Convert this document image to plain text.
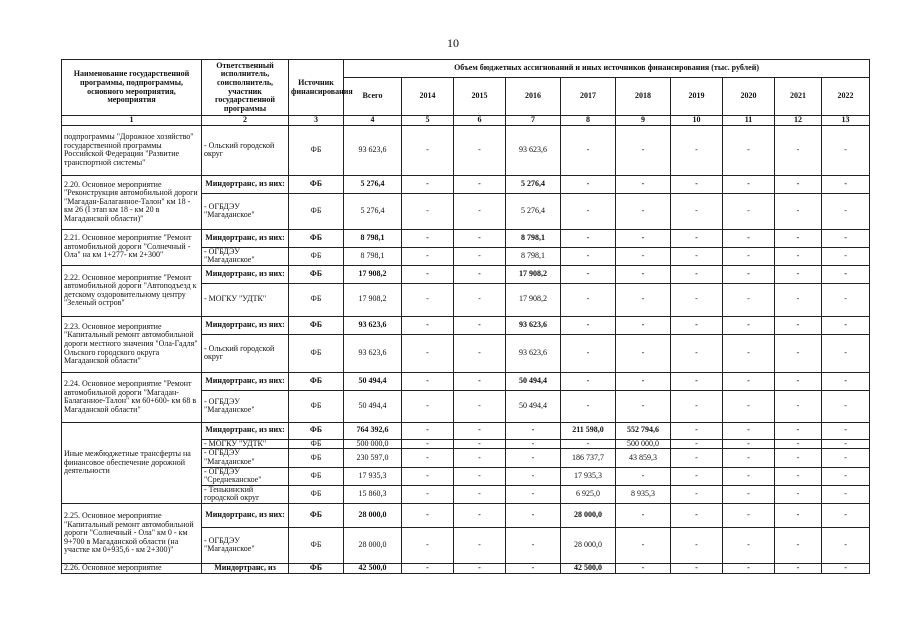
10
Наименование государственной программы, подпрограммы, основного мероприятия, мероприятия	Ответственный исполнитель, соисполнитель, участник государственной программы	Источник финансирования	Объем бюджетных ассигнований и иных источников финансирования (тыс. рублей)									
			Всего	2014	2015	2016	2017	2018	2019	2020	2021	2022
1	2	3	4	5	6	7	8	9	10	11	12	13
подпрограммы "Дорожное хозяйство" государственной программы Российской Федерации "Развитие транспортной системы"	- Ольский городской округ	ФБ	93 623,6	-	-	93 623,6	-	-	-	-	-	-
2.20. Основное мероприятие "Реконструкция автомобильной дороги "Магадан-Балаганное-Талон" км 18 - км 26 (I этап км 18 - км 20 в Магаданской области)"	Миндортранс, из них:	ФБ	5 276,4	-	-	5 276,4	-	-	-	-	-	-
	- ОГБДЭУ "Магаданское"	ФБ	5 276,4	-	-	5 276,4	-	-	-	-	-	-
2.21. Основное мероприятие "Ремонт автомобильной дороги "Солнечный - Ола" на км 1+277- км 2+300"	Миндортранс, из них:	ФБ	8 798,1	-	-	8 798,1	-	-	-	-	-	-
	- ОГБДЭУ "Магаданское"	ФБ	8 798,1	-	-	8 798,1	-	-	-	-	-	-
2.22. Основное мероприятие "Ремонт автомобильной дороги "Автоподъезд к детскому оздоровительному центру "Зеленый остров"	Миндортранс, из них:	ФБ	17 908,2	-	-	17 908,2	-	-	-	-	-	-
	- МОГКУ "УДТК"	ФБ	17 908,2	-	-	17 908,2	-	-	-	-	-	-
2.23. Основное мероприятие "Капитальный ремонт автомобильной дороги местного значения "Ола-Гадля" Ольского городского округа Магаданской области"	Миндортранс, из них:	ФБ	93 623,6	-	-	93 623,6	-	-	-	-	-	-
	- Ольский городской округ	ФБ	93 623,6	-	-	93 623,6	-	-	-	-	-	-
2.24. Основное мероприятие "Ремонт автомобильной дороги "Магадан-Балаганное-Талон" км 60+600- км 68 в Магаданской области"	Миндортранс, из них:	ФБ	50 494,4	-	-	50 494,4	-	-	-	-	-	-
	- ОГБДЭУ "Магаданское"	ФБ	50 494,4	-	-	50 494,4	-	-	-	-	-	-
Иные межбюджетные трансферты на финансовое обеспечение дорожной деятельности	Миндортранс, из них:	ФБ	764 392,6	-	-	-	211 598,0	552 794,6	-	-	-	-
	- МОГКУ "УДТК"	ФБ	500 000,0	-	-	-	-	500 000,0	-	-	-	-
	- ОГБДЭУ "Магаданское"	ФБ	230 597,0	-	-	-	186 737,7	43 859,3	-	-	-	-
	- ОГБДЭУ "Среднеканское"	ФБ	17 935,3	-	-	-	17 935,3	-	-	-	-	-
	- Тенькинский городской округ	ФБ	15 860,3	-	-	-	6 925,0	8 935,3	-	-	-	-
2.25. Основное мероприятие "Капитальный ремонт автомобильной дороги "Солнечный - Ола" км 0 - км 9+700 в Магаданской области (на участке км 0+935,6 - км 2+300)"	Миндортранс, из них:	ФБ	28 000,0	-	-	-	28 000,0	-	-	-	-	-
	- ОГБДЭУ "Магаданское"	ФБ	28 000,0	-	-	-	28 000,0	-	-	-	-	-
2.26. Основное мероприятие	Миндортранс, из	ФБ	42 500,0	-	-	-	42 500,0	-	-	-	-	-
